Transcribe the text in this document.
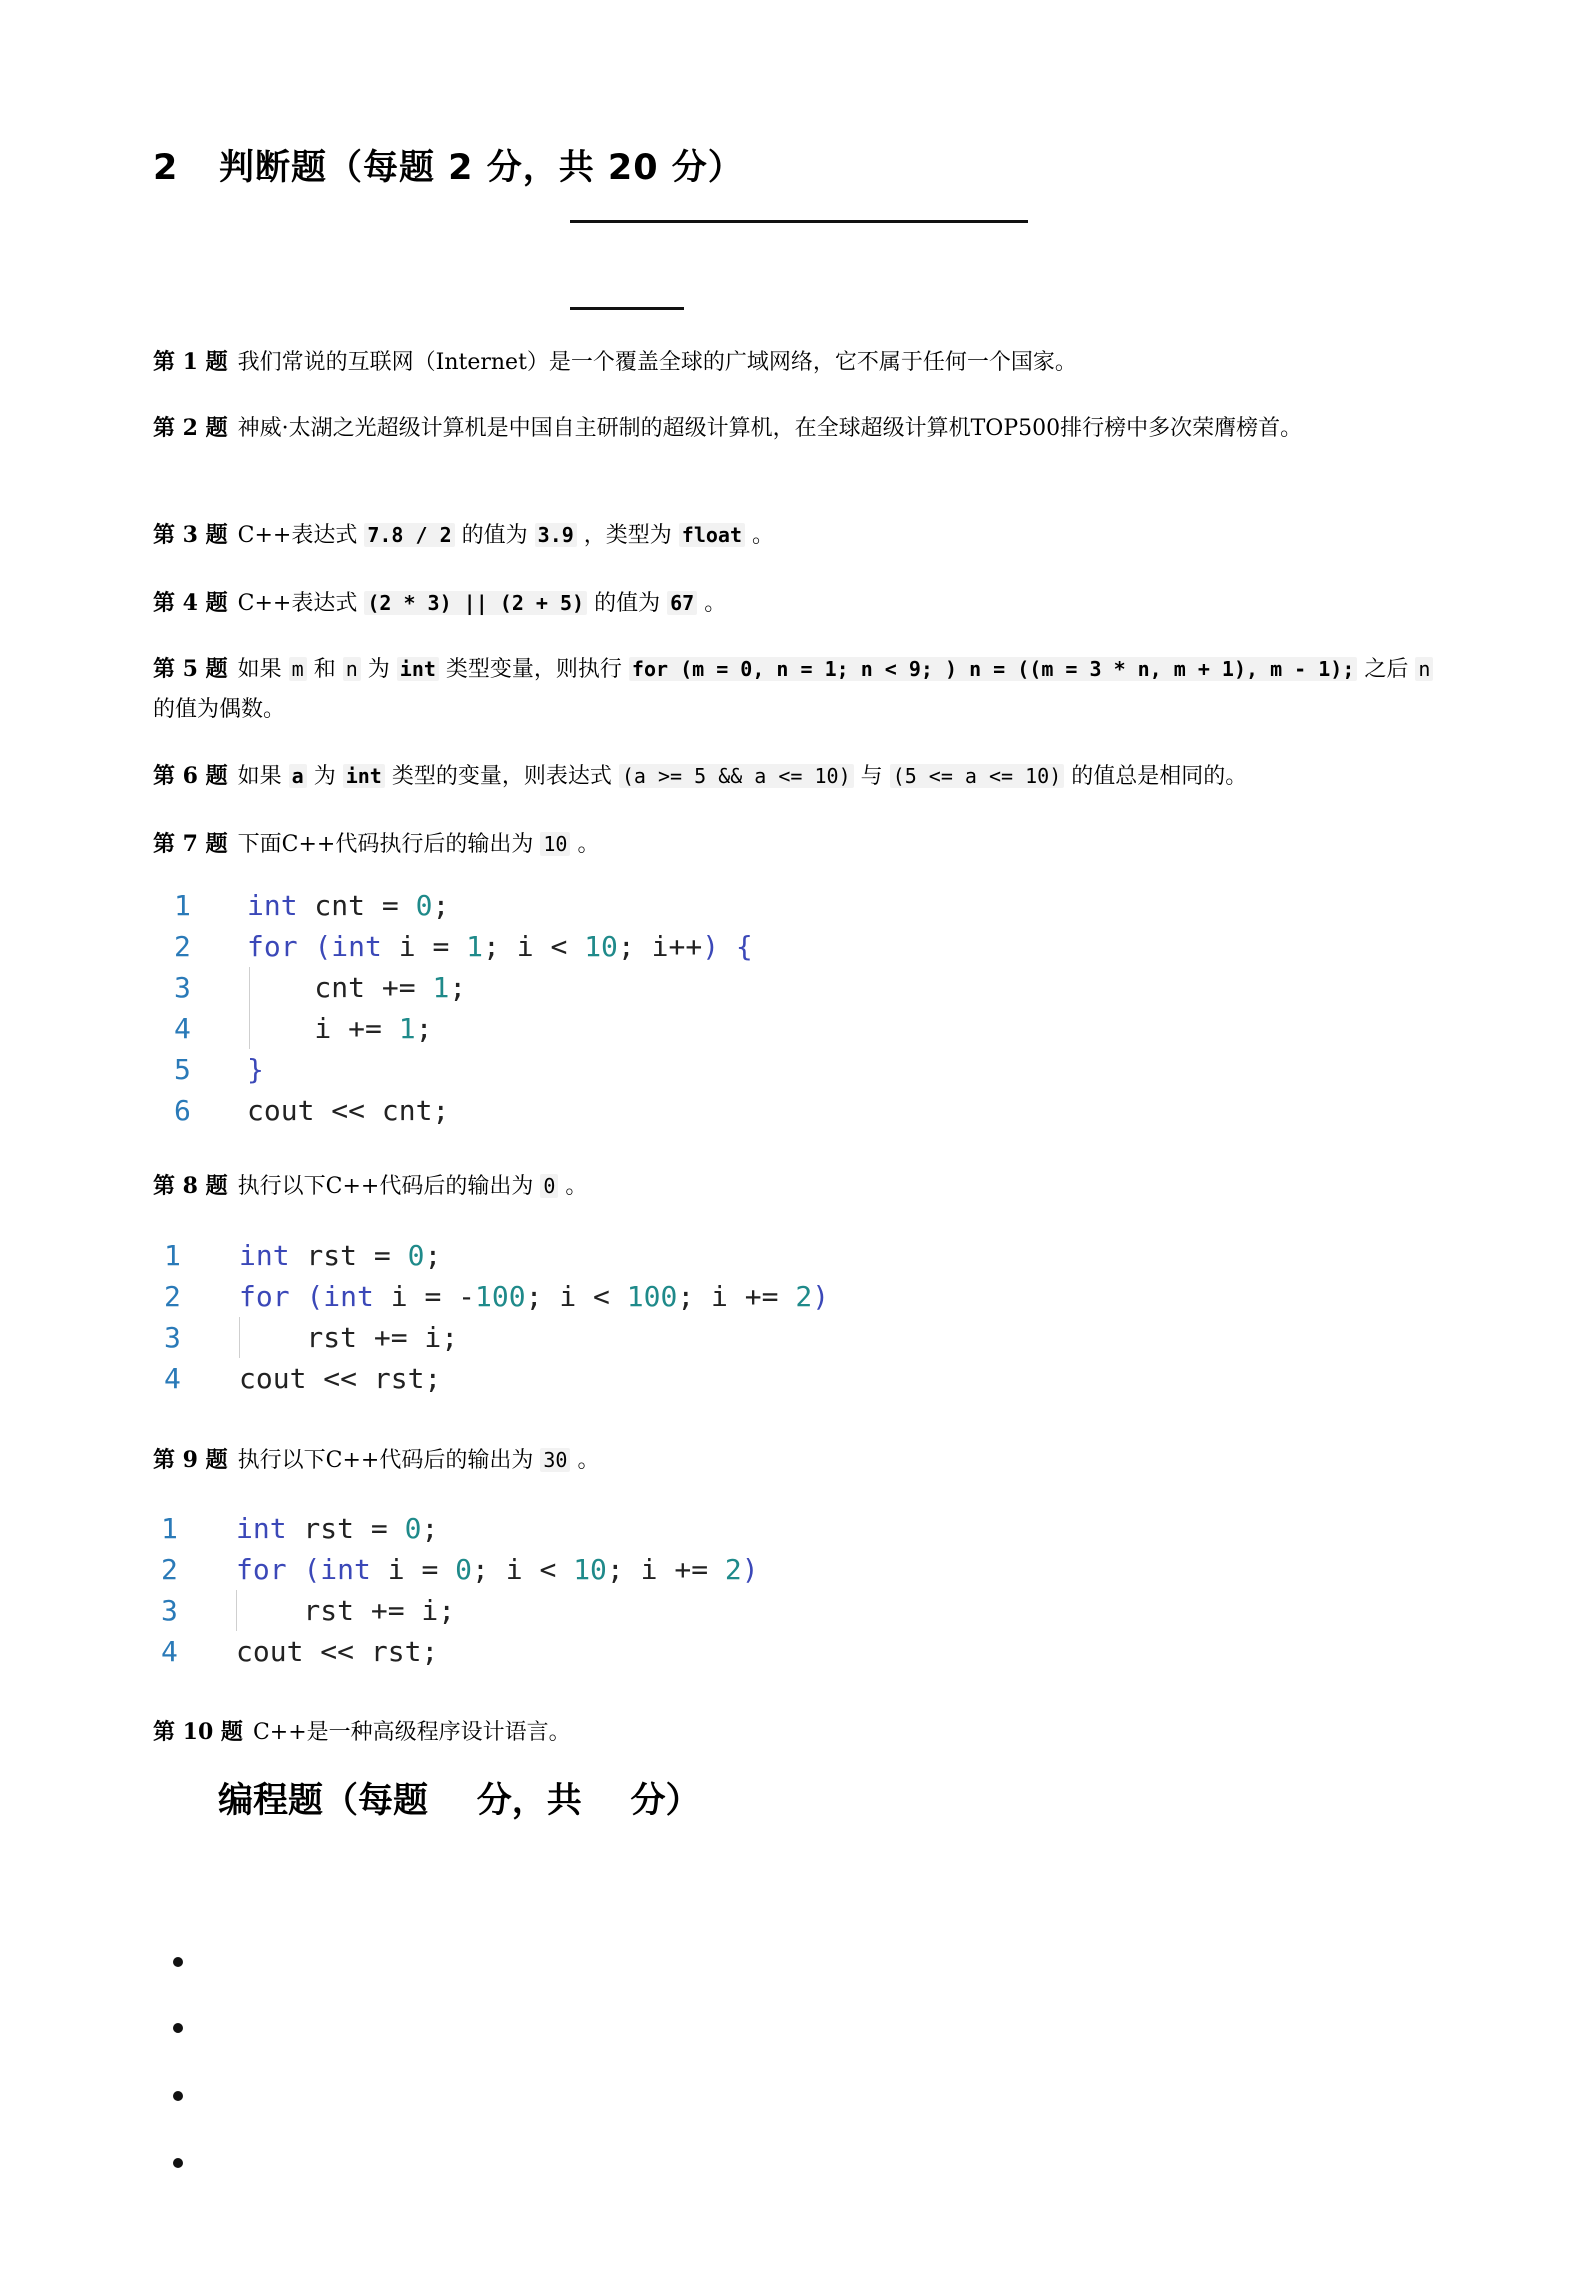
2 判断题（每题 2 分，共 20 分）
第 1 题 我们常说的互联网（Internet）是一个覆盖全球的广域网络，它不属于任何一个国家。
第 2 题 神威·太湖之光超级计算机是中国自主研制的超级计算机，在全球超级计算机TOP500排行榜中多次荣膺榜首。
第 3 题 C++表达式 7.8 / 2 的值为 3.9 ，类型为 float 。
第 4 题 C++表达式 (2 * 3) || (2 + 5) 的值为 67 。
第 5 题 如果 m 和 n 为 int 类型变量，则执行 for (m = 0, n = 1; n < 9; ) n = ((m = 3 * n, m + 1), m - 1); 之后 n 的值为偶数。
第 6 题 如果 a 为 int 类型的变量，则表达式 (a >= 5 && a <= 10) 与 (5 <= a <= 10) 的值总是相同的。
第 7 题 下面C++代码执行后的输出为 10 。
1 int cnt = 0;
2 for (int i = 1; i < 10; i++) {
3    cnt += 1;
4    i += 1;
5 }
6 cout << cnt;
第 8 题 执行以下C++代码后的输出为 0 。
1 int rst = 0;
2 for (int i = -100; i < 100; i += 2)
3    rst += i;
4 cout << rst;
第 9 题 执行以下C++代码后的输出为 30 。
1 int rst = 0;
2 for (int i = 0; i < 10; i += 2)
3    rst += i;
4 cout << rst;
第 10 题 C++是一种高级程序设计语言。
编程题（每题    分，共    分）
